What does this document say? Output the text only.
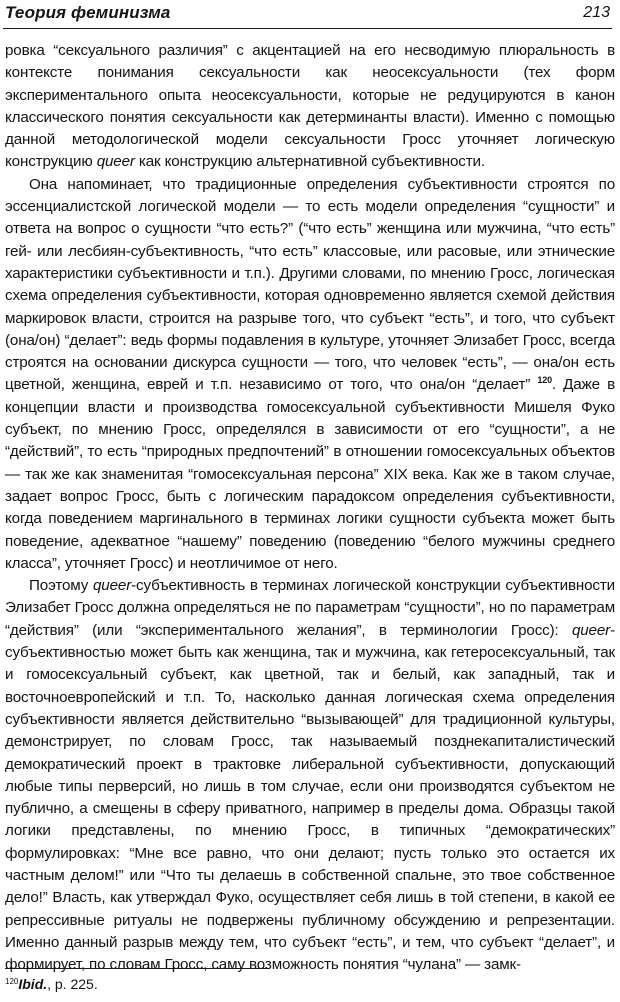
Теория феминизма	213

ровка “сексуального различия” с акцентацией на его несводимую плюральность в контексте понимания сексуальности как неосексуальности (тех форм экспериментального опыта неосексуальности, которые не редуцируются в канон классического понятия сексуальности как детерминанты власти). Именно с помощью данной методологической модели сексуальности Гросс уточняет логическую конструкцию queer как конструкцию альтернативной субъективности.

Она напоминает, что традиционные определения субъективности строятся по эссенциалистской логической модели — то есть модели определения “сущности” и ответа на вопрос о сущности “что есть?” (“что есть” женщина или мужчина, “что есть” гей- или лесбиян-субъективность, “что есть” классовые, или расовые, или этнические характеристики субъективности и т.п.). Другими словами, по мнению Гросс, логическая схема определения субъективности, которая одновременно является схемой действия маркировок власти, строится на разрыве того, что субъект “есть”, и того, что субъект (она/он) “делает”: ведь формы подавления в культуре, уточняет Элизабет Гросс, всегда строятся на основании дискурса сущности — того, что человек “есть”, — она/он есть цветной, женщина, еврей и т.п. независимо от того, что она/он “делает” $^{120}$. Даже в концепции власти и производства гомосексуальной субъективности Мишеля Фуко субъект, по мнению Гросс, определялся в зависимости от его “сущности”, а не “действий”, то есть “природных предпочтений” в отношении гомосексуальных объектов — так же как знаменитая “гомосексуальная персона” XIX века. Как же в таком случае, задает вопрос Гросс, быть с логическим парадоксом определения субъективности, когда поведением маргинального в терминах логики сущности субъекта может быть поведение, адекватное “нашему” поведению (поведению “белого мужчины среднего класса”, уточняет Гросс) и неотличимое от него.

Поэтому queer-субъективность в терминах логической конструкции субъективности Элизабет Гросс должна определяться не по параметрам “сущности”, но по параметрам “действия” (или “экспериментального желания”, в терминологии Гросс): queer-субъективностью может быть как женщина, так и мужчина, как гетеросексуальный, так и гомосексуальный субъект, как цветной, так и белый, как западный, так и восточноевропейский и т.п. То, насколько данная логическая схема определения субъективности является действительно “вызывающей” для традиционной культуры, демонстрирует, по словам Гросс, так называемый позднекапиталистический демократический проект в трактовке либеральной субъективности, допускающий любые типы перверсий, но лишь в том случае, если они производятся субъектом не публично, а смещены в сферу приватного, например в пределы дома. Образцы такой логики представлены, по мнению Гросс, в типичных “демократических” формулировках: “Мне все равно, что они делают; пусть только это остается их частным делом!” или “Что ты делаешь в собственной спальне, это твое собственное дело!” Власть, как утверждал Фуко, осуществляет себя лишь в той степени, в какой ее репрессивные ритуалы не подвержены публичному обсуждению и репрезентации. Именно данный разрыв между тем, что субъект “есть”, и тем, что субъект “делает”, и формирует, по словам Гросс, саму возможность понятия “чулана” — замк-

$^{120}$Ibid., р. 225.
